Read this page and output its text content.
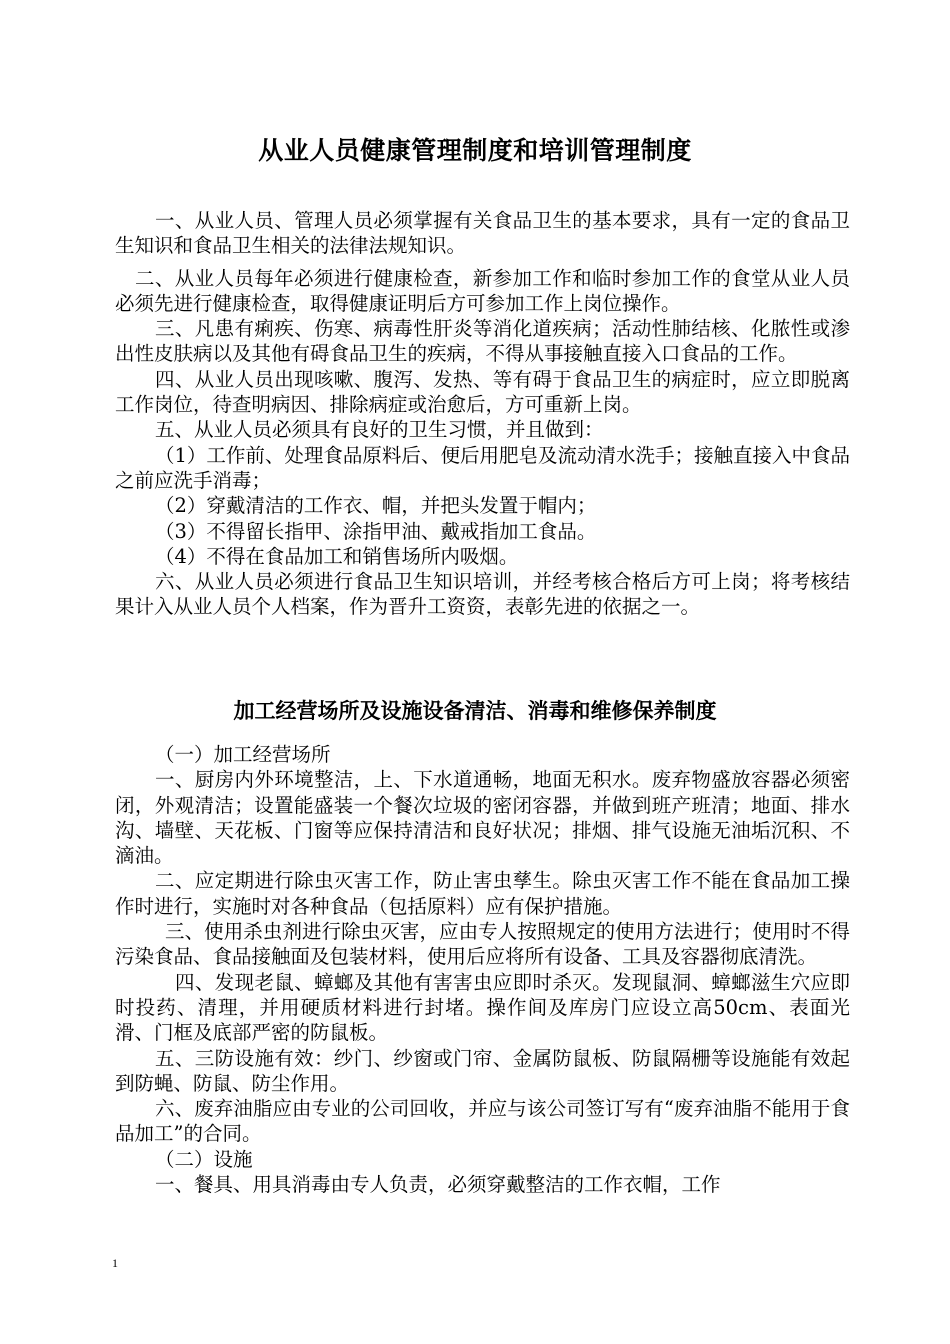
从业人员健康管理制度和培训管理制度

一、从业人员、管理人员必须掌握有关食品卫生的基本要求，具有一定的食品卫生知识和食品卫生相关的法律法规知识。

二、从业人员每年必须进行健康检查，新参加工作和临时参加工作的食堂从业人员必须先进行健康检查，取得健康证明后方可参加工作上岗位操作。

三、凡患有痢疾、伤寒、病毒性肝炎等消化道疾病；活动性肺结核、化脓性或渗出性皮肤病以及其他有碍食品卫生的疾病，不得从事接触直接入口食品的工作。

四、从业人员出现咳嗽、腹泻、发热、等有碍于食品卫生的病症时，应立即脱离工作岗位，待查明病因、排除病症或治愈后，方可重新上岗。

五、从业人员必须具有良好的卫生习惯，并且做到：

（1）工作前、处理食品原料后、便后用肥皂及流动清水洗手；接触直接入中食品之前应洗手消毒；

（2）穿戴清洁的工作衣、帽，并把头发置于帽内；

（3）不得留长指甲、涂指甲油、戴戒指加工食品。

（4）不得在食品加工和销售场所内吸烟。

六、从业人员必须进行食品卫生知识培训，并经考核合格后方可上岗；将考核结果计入从业人员个人档案，作为晋升工资资，表彰先进的依据之一。

加工经营场所及设施设备清洁、消毒和维修保养制度

（一）加工经营场所

一、厨房内外环境整洁，上、下水道通畅，地面无积水。废弃物盛放容器必须密闭，外观清洁；设置能盛装一个餐次垃圾的密闭容器，并做到班产班清；地面、排水沟、墙壁、天花板、门窗等应保持清洁和良好状况；排烟、排气设施无油垢沉积、不滴油。

二、应定期进行除虫灭害工作，防止害虫孳生。除虫灭害工作不能在食品加工操作时进行，实施时对各种食品（包括原料）应有保护措施。

三、使用杀虫剂进行除虫灭害，应由专人按照规定的使用方法进行；使用时不得污染食品、食品接触面及包装材料，使用后应将所有设备、工具及容器彻底清洗。

四、发现老鼠、蟑螂及其他有害害虫应即时杀灭。发现鼠洞、蟑螂滋生穴应即时投药、清理，并用硬质材料进行封堵。操作间及库房门应设立高50cm、表面光滑、门框及底部严密的防鼠板。

五、三防设施有效：纱门、纱窗或门帘、金属防鼠板、防鼠隔栅等设施能有效起到防蝇、防鼠、防尘作用。

六、废弃油脂应由专业的公司回收，并应与该公司签订写有“废弃油脂不能用于食品加工”的合同。

（二）设施

一、餐具、用具消毒由专人负责，必须穿戴整洁的工作衣帽，工作

1
